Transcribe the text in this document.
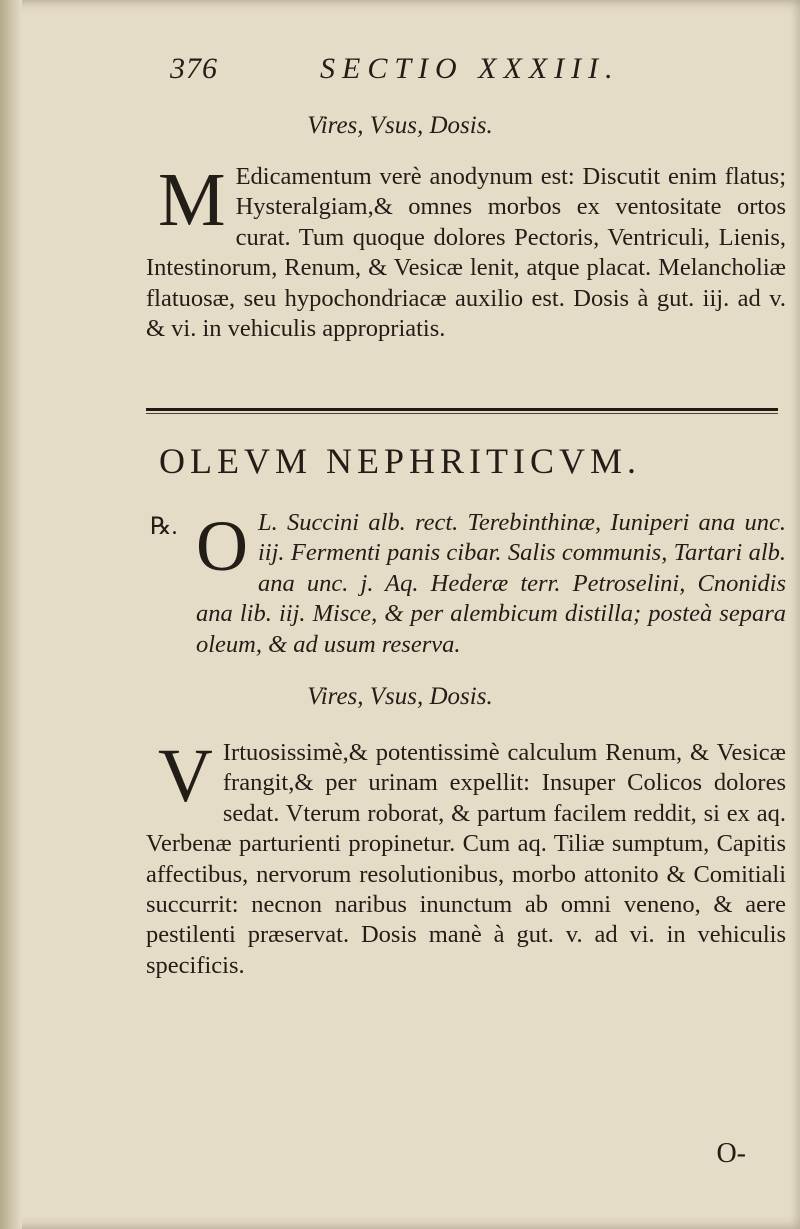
376	SECTIO XXXIII.
Vires, Vsus, Dosis.
M Edicamentum verè anodynum est: Discutit enim flatus; Hysteralgiam,& omnes morbos ex ventositate ortos curat. Tum quoque dolores Pectoris, Ventriculi, Lienis, Intestinorum, Renum, & Vesicæ lenit, atque placat. Melancholiæ flatuosæ, seu hypochondriacæ auxilio est. Dosis à gut. iij. ad v. & vi. in vehiculis appropriatis.

OLEVM NEPHRITICVM.
℞. O L. Succini alb. rect. Terebinthinæ, Iuniperi ana unc. iij. Fermenti panis cibar. Salis communis, Tartari alb. ana unc. j. Aq. Hederæ terr. Petroselini, Cnonidis ana lib. iij. Misce, & per alembicum distilla; posteà separa oleum, & ad usum reserva.

Vires, Vsus, Dosis.
V Irtuosissimè,& potentissimè calculum Renum, & Vesicæ frangit,& per urinam expellit: Insuper Colicos dolores sedat. Vterum roborat, & partum facilem reddit, si ex aq. Verbenæ parturienti propinetur. Cum aq. Tiliæ sumptum, Capitis affectibus, nervorum resolutionibus, morbo attonito & Comitiali succurrit: necnon naribus inunctum ab omni veneno, & aere pestilenti præservat. Dosis manè à gut. v. ad vi. in vehiculis specificis.

O-
